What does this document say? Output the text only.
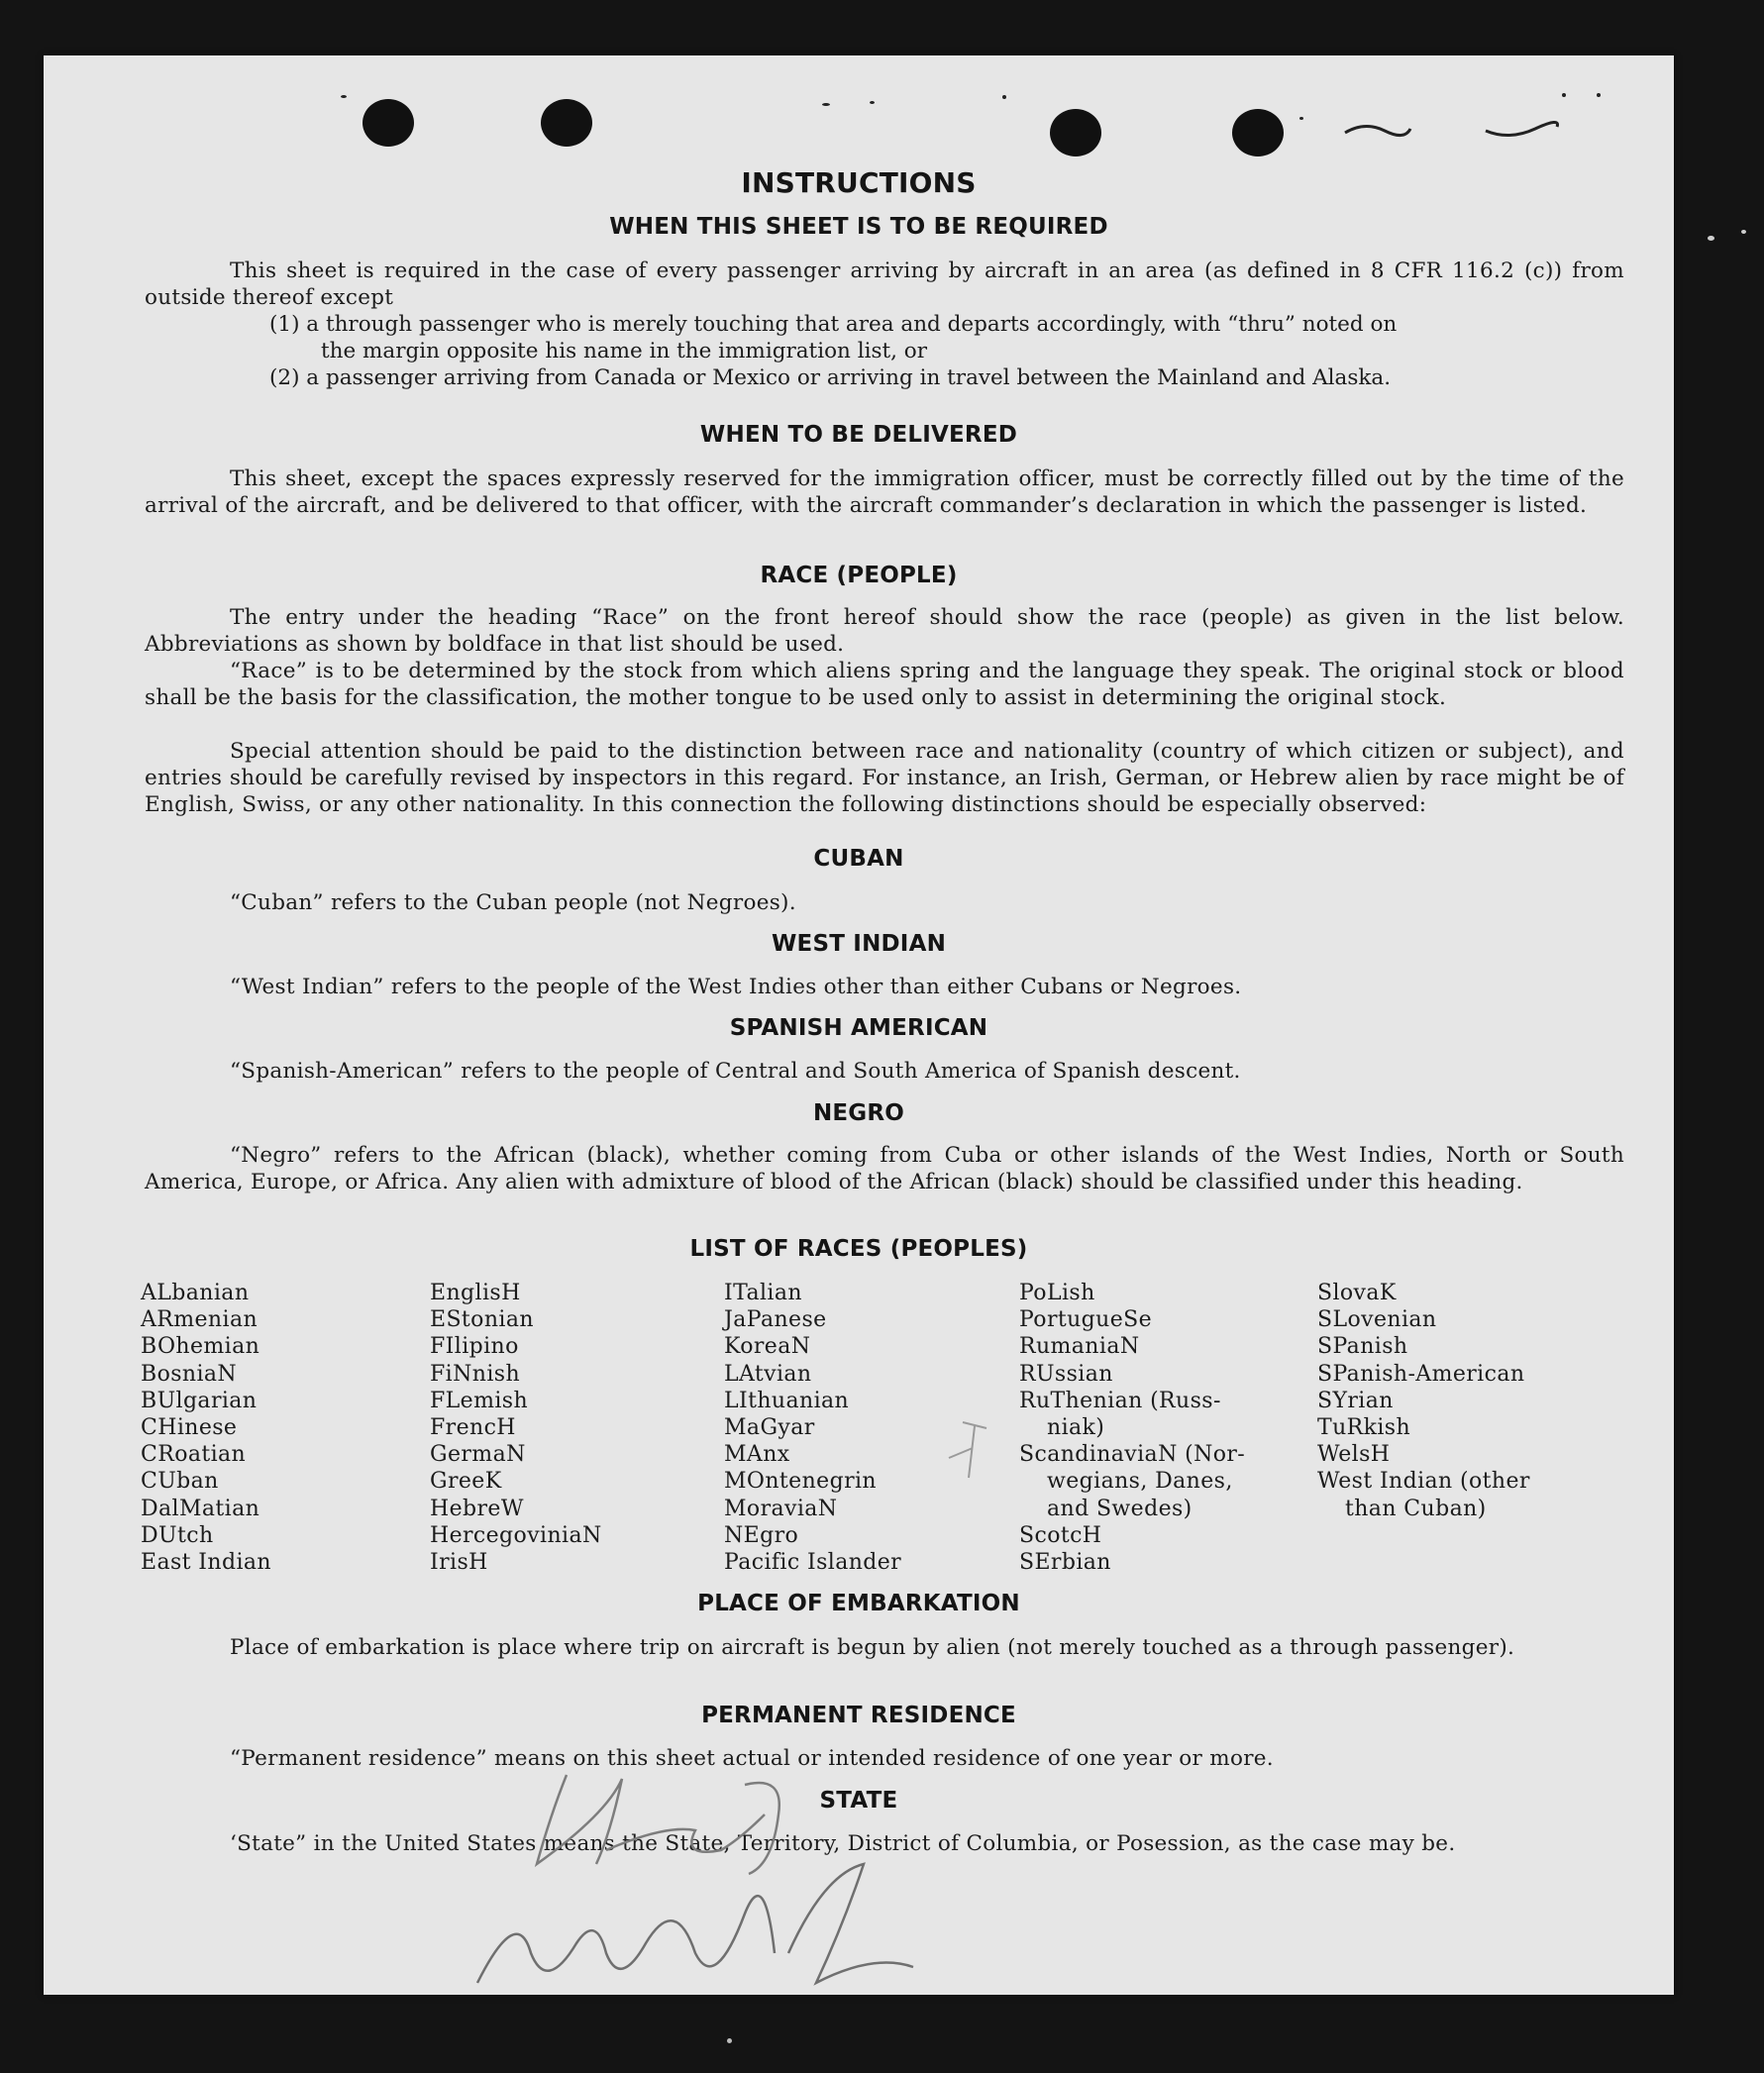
INSTRUCTIONS
WHEN THIS SHEET IS TO BE REQUIRED
This sheet is required in the case of every passenger arriving by aircraft in an area (as defined in 8 CFR 116.2 (c)) from outside thereof except
(1) a through passenger who is merely touching that area and departs accordingly, with “thru” noted on
the margin opposite his name in the immigration list, or
(2) a passenger arriving from Canada or Mexico or arriving in travel between the Mainland and Alaska.
WHEN TO BE DELIVERED
This sheet, except the spaces expressly reserved for the immigration officer, must be correctly filled out by the time of the arrival of the aircraft, and be delivered to that officer, with the aircraft commander’s declaration in which the passenger is listed.
RACE (PEOPLE)
The entry under the heading “Race” on the front hereof should show the race (people) as given in the list below. Abbreviations as shown by boldface in that list should be used.
“Race” is to be determined by the stock from which aliens spring and the language they speak. The original stock or blood shall be the basis for the classification, the mother tongue to be used only to assist in determining the original stock.
Special attention should be paid to the distinction between race and nationality (country of which citizen or subject), and entries should be carefully revised by inspectors in this regard. For instance, an Irish, German, or Hebrew alien by race might be of English, Swiss, or any other nationality. In this connection the following distinctions should be especially observed:
CUBAN
“Cuban” refers to the Cuban people (not Negroes).
WEST INDIAN
“West Indian” refers to the people of the West Indies other than either Cubans or Negroes.
SPANISH AMERICAN
“Spanish-American” refers to the people of Central and South America of Spanish descent.
NEGRO
“Negro” refers to the African (black), whether coming from Cuba or other islands of the West Indies, North or South America, Europe, or Africa. Any alien with admixture of blood of the African (black) should be classified under this heading.
LIST OF RACES (PEOPLES)
ALbanian
ARmenian
BOhemian
BosniaN
BUlgarian
CHinese
CRoatian
CUban
DalMatian
DUtch
East Indian
EnglisH
EStonian
FIlipino
FiNnish
FLemish
FrencH
GermaN
GreeK
HebreW
HercegoviniaN
IrisH
ITalian
JaPanese
KoreaN
LAtvian
LIthuanian
MaGyar
MAnx
MOntenegrin
MoraviaN
NEgro
Pacific Islander
PoLish
PortugueSe
RumaniaN
RUssian
RuThenian (Russ-
niak)
ScandinaviaN (Nor-
wegians, Danes,
and Swedes)
ScotcH
SErbian
SlovaK
SLovenian
SPanish
SPanish-American
SYrian
TuRkish
WelsH
West Indian (other
than Cuban)
PLACE OF EMBARKATION
Place of embarkation is place where trip on aircraft is begun by alien (not merely touched as a through passenger).
PERMANENT RESIDENCE
“Permanent residence” means on this sheet actual or intended residence of one year or more.
STATE
‘State” in the United States means the State, Territory, District of Columbia, or Posession, as the case may be.
